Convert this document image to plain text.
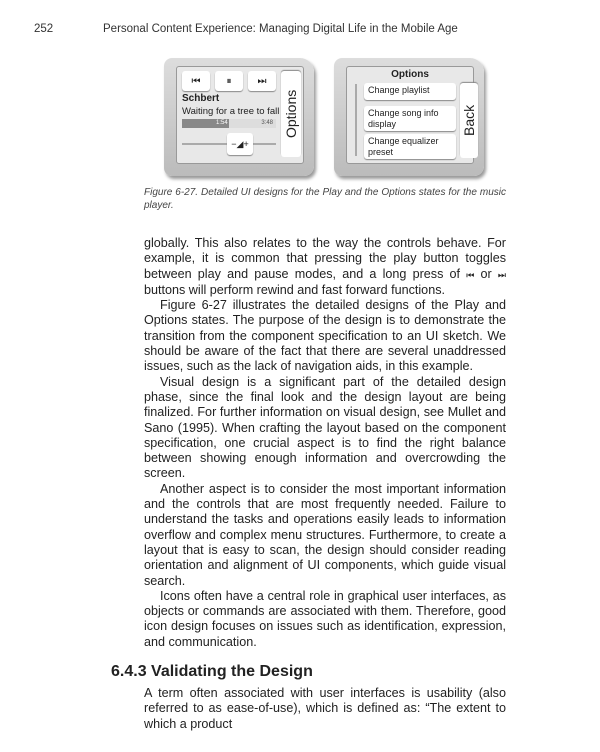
252	Personal Content Experience: Managing Digital Life in the Mobile Age
⏮	⏸	⏭
Schbert
Waiting for a tree to fall
1:54	3:48
−◢+
Options
Options
Change playlist
Change song info display
Change equalizer preset
Back
Figure 6-27. Detailed UI designs for the Play and the Options states for the music player.

globally. This also relates to the way the controls behave. For example, it is common that pressing the play button toggles between play and pause modes, and a long press of ⏮ or ⏭ buttons will perform rewind and fast forward functions.

Figure 6-27 illustrates the detailed designs of the Play and Options states. The purpose of the design is to demonstrate the transition from the component specification to an UI sketch. We should be aware of the fact that there are several unaddressed issues, such as the lack of navigation aids, in this example.

Visual design is a significant part of the detailed design phase, since the final look and the design layout are being finalized. For further information on visual design, see Mullet and Sano (1995). When crafting the layout based on the component specification, one crucial aspect is to find the right balance between showing enough information and overcrowding the screen.

Another aspect is to consider the most important information and the controls that are most frequently needed. Failure to understand the tasks and operations easily leads to information overflow and complex menu structures. Furthermore, to create a layout that is easy to scan, the design should consider reading orientation and alignment of UI components, which guide visual search.

Icons often have a central role in graphical user interfaces, as objects or commands are associated with them. Therefore, good icon design focuses on issues such as identification, expression, and communication.

6.4.3 Validating the Design
A term often associated with user interfaces is usability (also referred to as ease-of-use), which is defined as: “The extent to which a product
